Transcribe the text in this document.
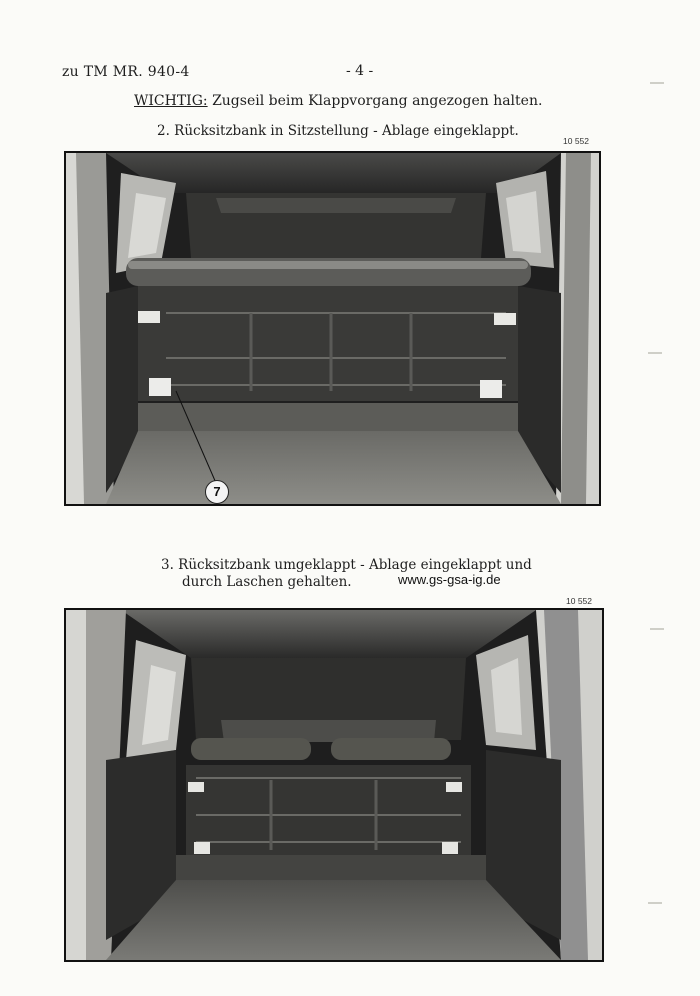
zu TM MR. 940-4	- 4 -
WICHTIG: Zugseil beim Klappvorgang angezogen halten.
2. Rücksitzbank in Sitzstellung - Ablage eingeklappt.
10 552
7
3. Rücksitzbank umgeklappt - Ablage eingeklappt und
durch Laschen gehalten.	www.gs-gsa-ig.de
10 552
